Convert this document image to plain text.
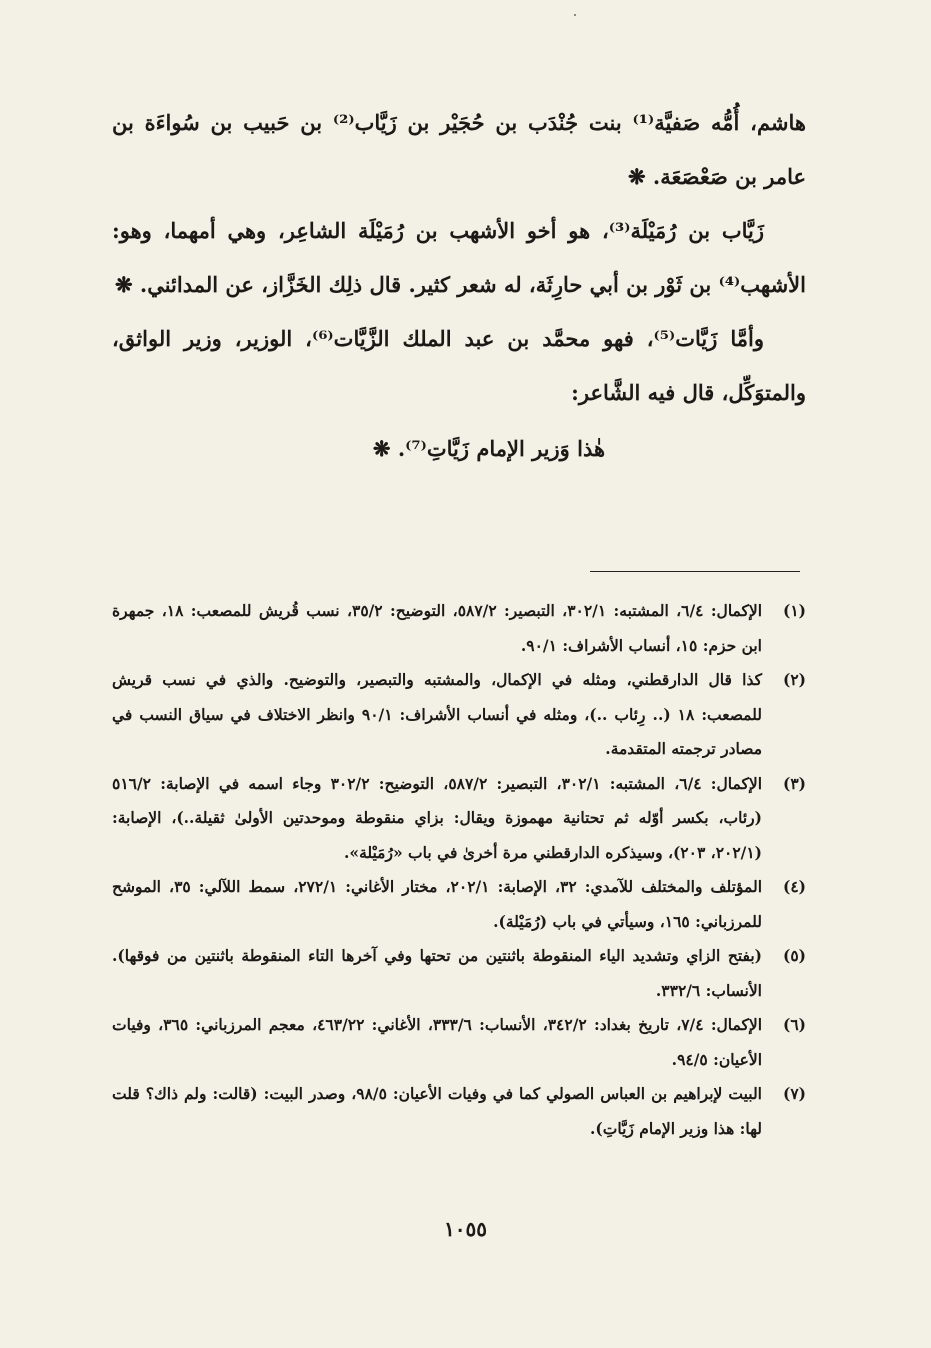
هاشم، أُمُّه صَفيَّة⁽¹⁾ بنت جُنْدَب بن حُجَيْر بن زَيَّاب⁽²⁾ بن حَبيب بن سُواءَة بن عامر بن صَعْصَعَة. ❋

زَيَّاب بن رُمَيْلَة⁽³⁾، هو أخو الأشهب بن رُمَيْلَة الشاعِر، وهي أمهما، وهو: الأشهب⁽⁴⁾ بن ثَوْر بن أبي حارِثَة، له شعر كثير. قال ذلِك الخَزَّاز، عن المدائني. ❋

وأمَّا زَيَّات⁽⁵⁾، فهو محمَّد بن عبد الملك الزَّيَّات⁽⁶⁾، الوزير، وزير الواثق، والمتوَكِّل، قال فيه الشَّاعر:

هٰذا وَزير الإمام زَيَّاتِ⁽⁷⁾. ❋

(١)
الإكمال: ٦/٤، المشتبه: ٣٠٢/١، التبصير: ٥٨٧/٢، التوضيح: ٣٥/٢، نسب قُريش للمصعب: ١٨، جمهرة ابن حزم: ١٥، أنساب الأشراف: ٩٠/١.
(٢)
كذا قال الدارقطني، ومثله في الإكمال، والمشتبه والتبصير، والتوضيح. والذي في نسب قريش للمصعب: ١٨ (.. رِئاب ..)، ومثله في أنساب الأشراف: ٩٠/١ وانظر الاختلاف في سياق النسب في مصادر ترجمته المتقدمة.
(٣)
الإكمال: ٦/٤، المشتبه: ٣٠٢/١، التبصير: ٥٨٧/٢، التوضيح: ٣٠٢/٢ وجاء اسمه في الإصابة: ٥١٦/٢ (رئاب، بكسر أوّله ثم تحتانية مهموزة ويقال: بزاي منقوطة وموحدتين الأولىٰ ثقيلة..)، الإصابة: (٢٠٢/١، ٢٠٣)، وسيذكره الدارقطني مرة أخرىٰ في باب «رُمَيْلة».
(٤)
المؤتلف والمختلف للآمدي: ٣٢، الإصابة: ٢٠٢/١، مختار الأغاني: ٢٧٢/١، سمط اللآلي: ٣٥، الموشح للمرزباني: ١٦٥، وسيأتي في باب (رُمَيْلة).
(٥)
(بفتح الزاي وتشديد الياء المنقوطة باثنتين من تحتها وفي آخرها التاء المنقوطة باثنتين من فوقها). الأنساب: ٣٣٢/٦.
(٦)
الإكمال: ٧/٤، تاريخ بغداد: ٣٤٢/٢، الأنساب: ٣٣٣/٦، الأغاني: ٤٦٣/٢٢، معجم المرزباني: ٣٦٥، وفيات الأعيان: ٩٤/٥.
(٧)
البيت لإبراهيم بن العباس الصولي كما في وفيات الأعيان: ٩٨/٥، وصدر البيت: (قالت: ولم ذاك؟ قلت لها: هذا وزير الإمام زَيَّاتِ).
١٠٥٥
